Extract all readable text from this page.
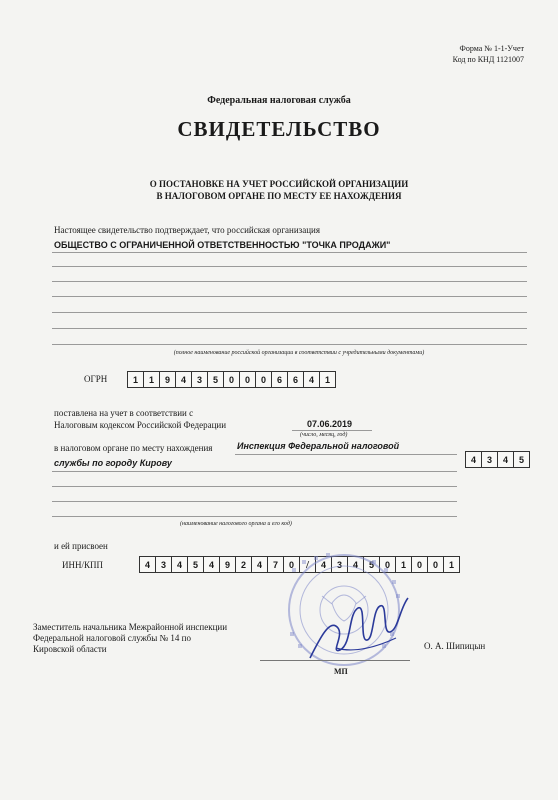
Форма № 1-1-Учет
Код по КНД 1121007
Федеральная налоговая служба
СВИДЕТЕЛЬСТВО
О ПОСТАНОВКЕ НА УЧЕТ РОССИЙСКОЙ ОРГАНИЗАЦИИ
В НАЛОГОВОМ ОРГАНЕ ПО МЕСТУ ЕЕ НАХОЖДЕНИЯ
Настоящее свидетельство подтверждает, что российская организация
ОБЩЕСТВО С ОГРАНИЧЕННОЙ ОТВЕТСТВЕННОСТЬЮ "ТОЧКА ПРОДАЖИ"
(полное наименование российской организации в соответствии с учредительными документами)
ОГРН	1	1	9	4	3	5	0	0	0	6	6	4	1
поставлена на учет в соответствии с
Налоговым кодексом Российской Федерации	07.06.2019
(число, месяц, год)
в налоговом органе по месту нахождения	Инспекция Федеральной налоговой
службы по городу Кирову	4	3	4	5
(наименование налогового органа и его код)
и ей присвоен
ИНН/КПП	4	3	4	5	4	9	2	4	7	0	/	4	3	4	5	0	1	0	0	1
Заместитель начальника Межрайонной инспекции
Федеральной налоговой службы № 14 по
Кировской области	О. А. Шипицын
МП
